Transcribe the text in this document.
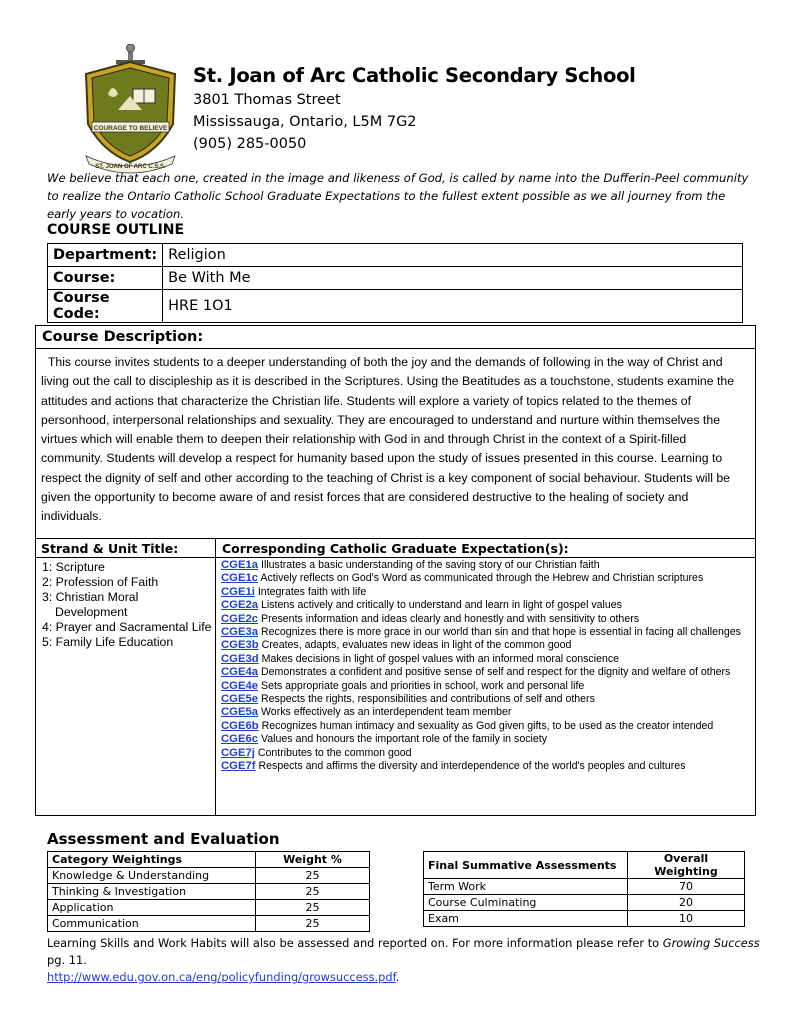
COURAGE TO BELIEVE
ST. JOAN OF ARC C.S.S.
St. Joan of Arc Catholic Secondary School
3801 Thomas Street
Mississauga, Ontario, L5M 7G2
(905) 285-0050
We believe that each one, created in the image and likeness of God, is called by name into the Dufferin-Peel community to realize the Ontario Catholic School Graduate Expectations to the fullest extent possible as we all journey from the early years to vocation.
COURSE OUTLINE
Department:	Religion
Course:	Be With Me
Course Code:	HRE 1O1
Course Description:
This course invites students to a deeper understanding of both the joy and the demands of following in the way of Christ and living out the call to discipleship as it is described in the Scriptures. Using the Beatitudes as a touchstone, students examine the attitudes and actions that characterize the Christian life. Students will explore a variety of topics related to the themes of personhood, interpersonal relationships and sexuality. They are encouraged to understand and nurture within themselves the virtues which will enable them to deepen their relationship with God in and through Christ in the context of a Spirit-filled community. Students will develop a respect for humanity based upon the study of issues presented in this course. Learning to respect the dignity of self and other according to the teaching of Christ is a key component of social behaviour. Students will be given the opportunity to become aware of and resist forces that are considered destructive to the healing of society and individuals.
Strand & Unit Title:	Corresponding Catholic Graduate Expectation(s):
1: Scripture
2: Profession of Faith
3: Christian Moral Development
4: Prayer and Sacramental Life
5: Family Life Education
CGE1a Illustrates a basic understanding of the saving story of our Christian faith
CGE1c Actively reflects on God's Word as communicated through the Hebrew and Christian scriptures
CGE1i Integrates faith with life
CGE2a Listens actively and critically to understand and learn in light of gospel values
CGE2c Presents information and ideas clearly and honestly and with sensitivity to others
CGE3a Recognizes there is more grace in our world than sin and that hope is essential in facing all challenges
CGE3b Creates, adapts, evaluates new ideas in light of the common good
CGE3d Makes decisions in light of gospel values with an informed moral conscience
CGE4a Demonstrates a confident and positive sense of self and respect for the dignity and welfare of others
CGE4e Sets appropriate goals and priorities in school, work and personal life
CGE5e Respects the rights, responsibilities and contributions of self and others
CGE5a Works effectively as an interdependent team member
CGE6b Recognizes human intimacy and sexuality as God given gifts, to be used as the creator intended
CGE6c Values and honours the important role of the family in society
CGE7j Contributes to the common good
CGE7f Respects and affirms the diversity and interdependence of the world's peoples and cultures
Assessment and Evaluation
Category Weightings	Weight %
Knowledge & Understanding	25
Thinking & Investigation	25
Application	25
Communication	25
Final Summative Assessments	Overall Weighting
Term Work	70
Course Culminating	20
Exam	10
Learning Skills and Work Habits will also be assessed and reported on. For more information please refer to Growing Success pg. 11.
http://www.edu.gov.on.ca/eng/policyfunding/growsuccess.pdf.
